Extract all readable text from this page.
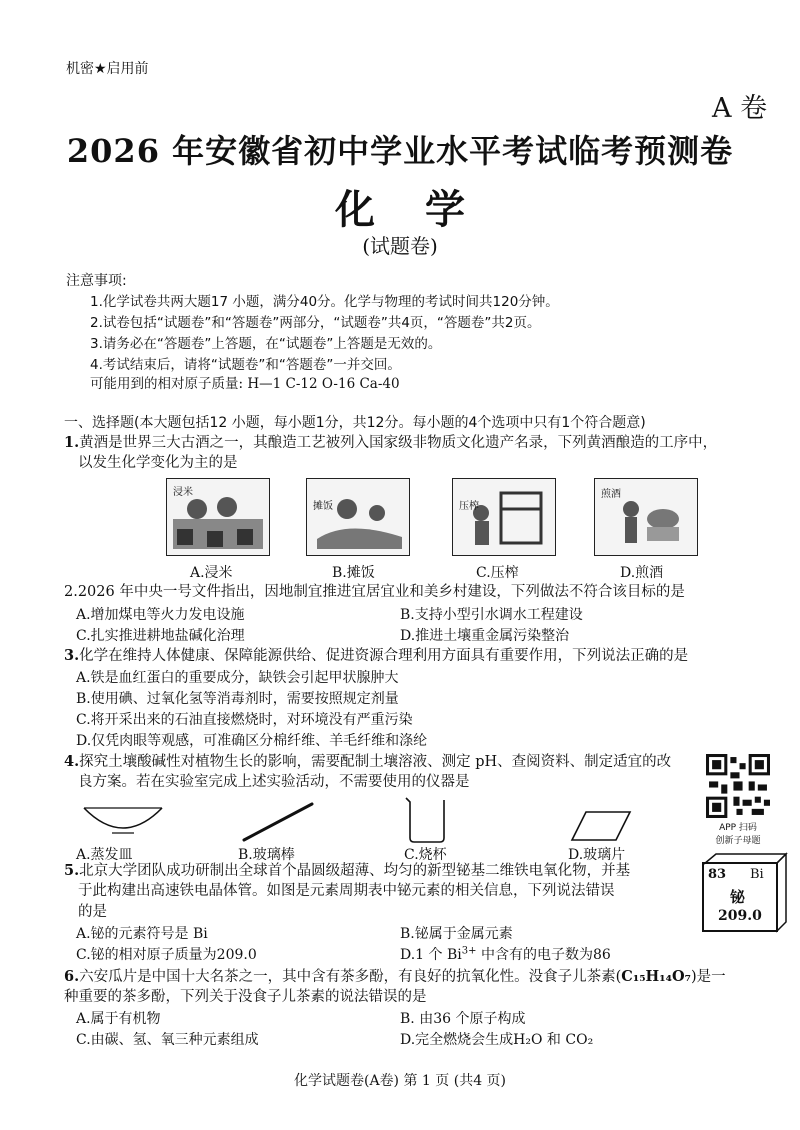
机密★启用前
A 卷
2026 年安徽省初中学业水平考试临考预测卷
化学
(试题卷)
注意事项:
1.化学试卷共两大题17 小题，满分40分。化学与物理的考试时间共120分钟。
2.试卷包括“试题卷”和“答题卷”两部分，“试题卷”共4页，“答题卷”共2页。
3.请务必在“答题卷”上答题，在“试题卷”上答题是无效的。
4.考试结束后，请将“试题卷”和“答题卷”一并交回。
可能用到的相对原子质量: H—1 C-12 O-16 Ca-40
一、选择题(本大题包括12 小题，每小题1分，共12分。每小题的4个选项中只有1个符合题意)
1.黄酒是世界三大古酒之一，其酿造工艺被列入国家级非物质文化遗产名录，下列黄酒酿造的工序中，
以发生化学变化为主的是
浸米
摊饭	压榨
煎酒
A.浸米	B.摊饭	C.压榨	D.煎酒
2.2026 年中央一号文件指出，因地制宜推进宜居宜业和美乡村建设，下列做法不符合该目标的是
A.增加煤电等火力发电设施	B.支持小型引水调水工程建设
C.扎实推进耕地盐碱化治理	D.推进土壤重金属污染整治
3.化学在维持人体健康、保障能源供给、促进资源合理利用方面具有重要作用，下列说法正确的是
A.铁是血红蛋白的重要成分，缺铁会引起甲状腺肿大
B.使用碘、过氧化氢等消毒剂时，需要按照规定剂量
C.将开采出来的石油直接燃烧时，对环境没有严重污染
D.仅凭肉眼等观感，可准确区分棉纤维、羊毛纤维和涤纶
4.探究土壤酸碱性对植物生长的影响，需要配制土壤溶液、测定 pH、查阅资料、制定适宜的改
良方案。若在实验室完成上述实验活动，不需要使用的仪器是
A.蒸发皿	B.玻璃棒	C.烧杯	D.玻璃片
APP 扫码
创新子母题
5.北京大学团队成功研制出全球首个晶圆级超薄、均匀的新型铋基二维铁电氧化物，并基
于此构建出高速铁电晶体管。如图是元素周期表中铋元素的相关信息，下列说法错误
的是
A.铋的元素符号是 Bi	B.铋属于金属元素
C.铋的相对原子质量为209.0	D.1 个 $Bi^{3+}$ 中含有的电子数为86
83 Bi
铋
209.0
6.六安瓜片是中国十大名茶之一，其中含有茶多酚，有良好的抗氧化性。没食子儿茶素(C₁₅H₁₄O₇)是一
种重要的茶多酚，下列关于没食子儿茶素的说法错误的是
A.属于有机物	B. 由36 个原子构成
C.由碳、氢、氧三种元素组成	D.完全燃烧会生成H₂O 和 CO₂
化学试题卷(A卷) 第 1 页 (共4 页)
